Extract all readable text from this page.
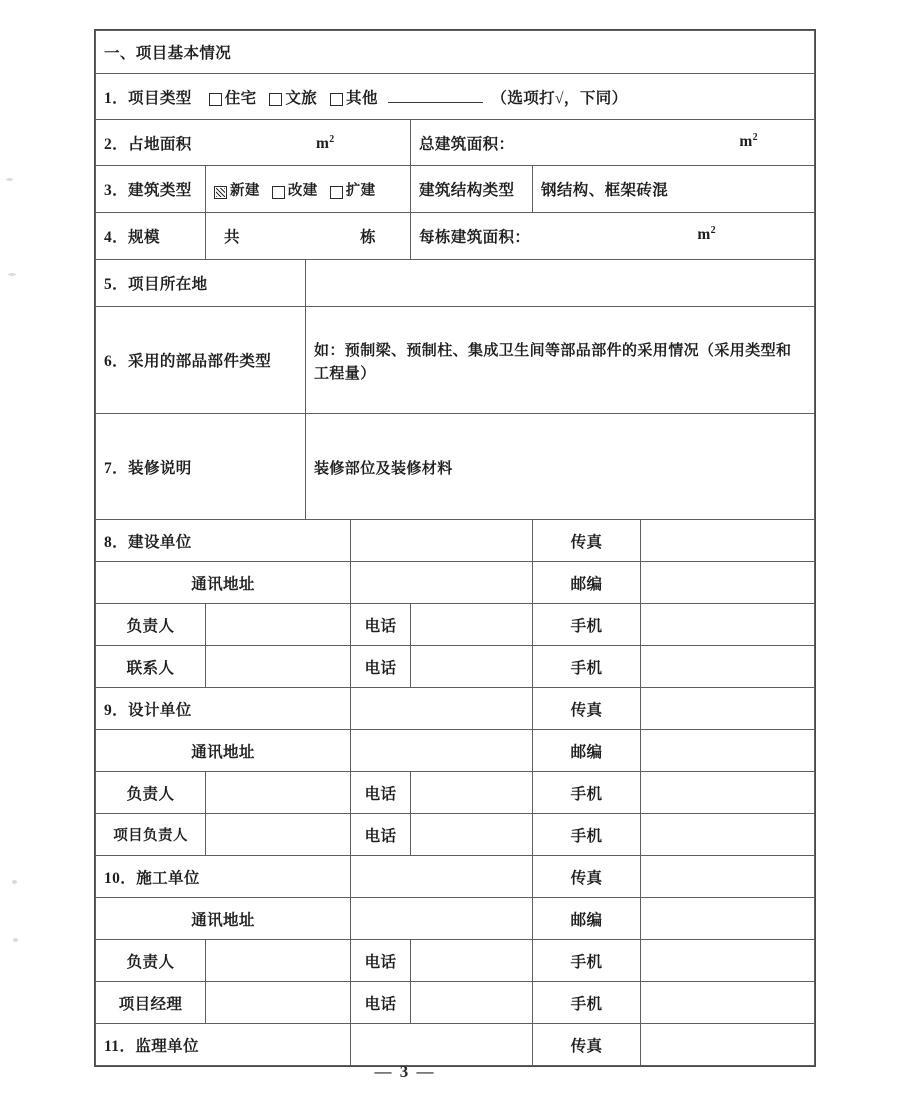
一、项目基本情况						
1．项目类型 住宅 文旅 其他 （选项打√，下同）						
2．占地面积 $m^2$				总建筑面积： $m^2$

3．建筑类型	新建 改建 扩建			建筑结构类型	钢结构、框架砖混	
4．规模	共 栋			每栋建筑面积： $m^2$

5．项目所在地						
6．采用的部品部件类型		如：预制梁、预制柱、集成卫生间等部品部件的采用情况（采用类型和工程量）				

7．装修说明		装修部位及装修材料				

8．建设单位					传真	
通讯地址					邮编	
负责人			电话		手机	
联系人			电话		手机	
9．设计单位					传真	
通讯地址					邮编	
负责人			电话		手机	
项目负责人			电话		手机	
10．施工单位					传真	
通讯地址					邮编	
负责人			电话		手机	
项目经理			电话		手机	
11．监理单位					传真	
— 3 —
